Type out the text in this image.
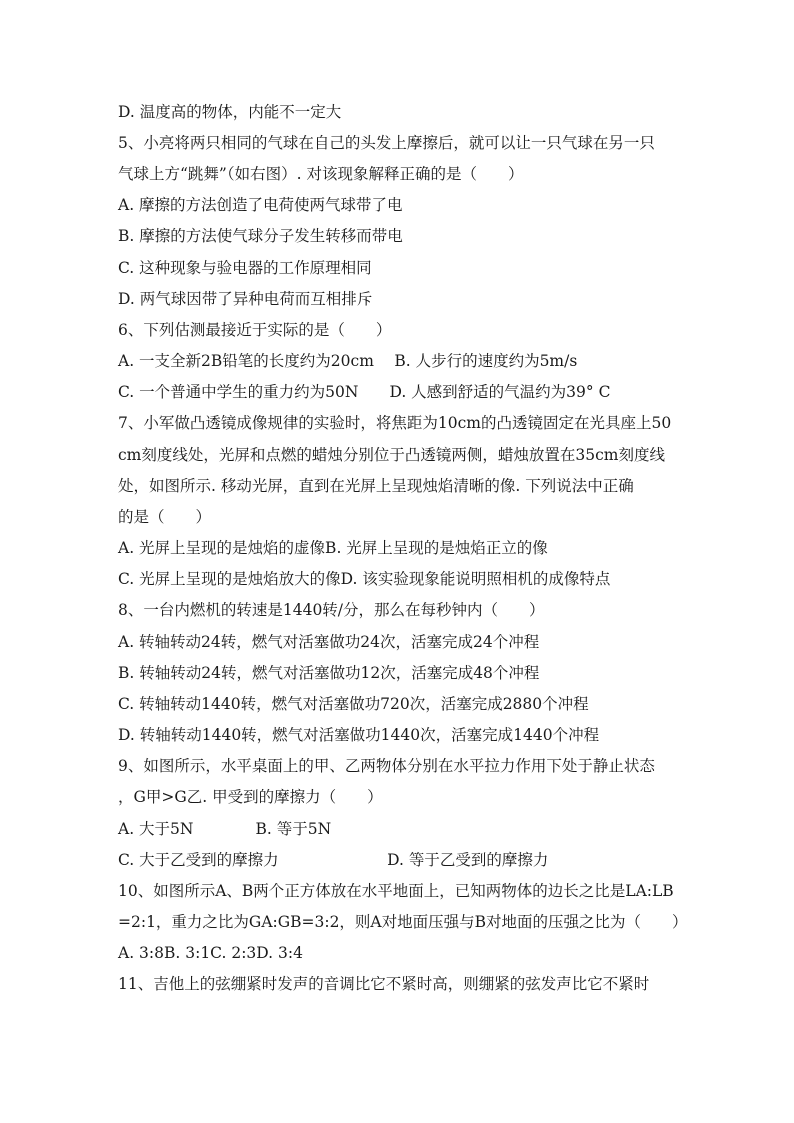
D. 温度高的物体，内能不一定大
5、小亮将两只相同的气球在自己的头发上摩擦后，就可以让一只气球在另一只
气球上方“跳舞”（如右图）. 对该现象解释正确的是（　　）
A. 摩擦的方法创造了电荷使两气球带了电
B. 摩擦的方法使气球分子发生转移而带电
C. 这种现象与验电器的工作原理相同
D. 两气球因带了异种电荷而互相排斥
6、下列估测最接近于实际的是（　　）
A. 一支全新2B铅笔的长度约为20cm　 B. 人步行的速度约为5m/s
C. 一个普通中学生的重力约为50N　　D. 人感到舒适的气温约为39° C
7、小军做凸透镜成像规律的实验时，将焦距为10cm的凸透镜固定在光具座上50
cm刻度线处，光屏和点燃的蜡烛分别位于凸透镜两侧，蜡烛放置在35cm刻度线
处，如图所示. 移动光屏，直到在光屏上呈现烛焰清晰的像. 下列说法中正确
的是（　　）
A. 光屏上呈现的是烛焰的虚像B. 光屏上呈现的是烛焰正立的像
C. 光屏上呈现的是烛焰放大的像D. 该实验现象能说明照相机的成像特点
8、一台内燃机的转速是1440转/分，那么在每秒钟内（　　）
A. 转轴转动24转，燃气对活塞做功24次，活塞完成24个冲程
B. 转轴转动24转，燃气对活塞做功12次，活塞完成48个冲程
C. 转轴转动1440转，燃气对活塞做功720次，活塞完成2880个冲程
D. 转轴转动1440转，燃气对活塞做功1440次，活塞完成1440个冲程
9、如图所示，水平桌面上的甲、乙两物体分别在水平拉力作用下处于静止状态
，G甲>G乙. 甲受到的摩擦力（　　）
A. 大于5N　　　　B. 等于5N
C. 大于乙受到的摩擦力　　　　　　　D. 等于乙受到的摩擦力
10、如图所示A、B两个正方体放在水平地面上，已知两物体的边长之比是LA:LB
=2:1，重力之比为GA:GB=3:2，则A对地面压强与B对地面的压强之比为（　　）
A. 3:8B. 3:1C. 2:3D. 3:4
11、吉他上的弦绷紧时发声的音调比它不紧时高，则绷紧的弦发声比它不紧时
